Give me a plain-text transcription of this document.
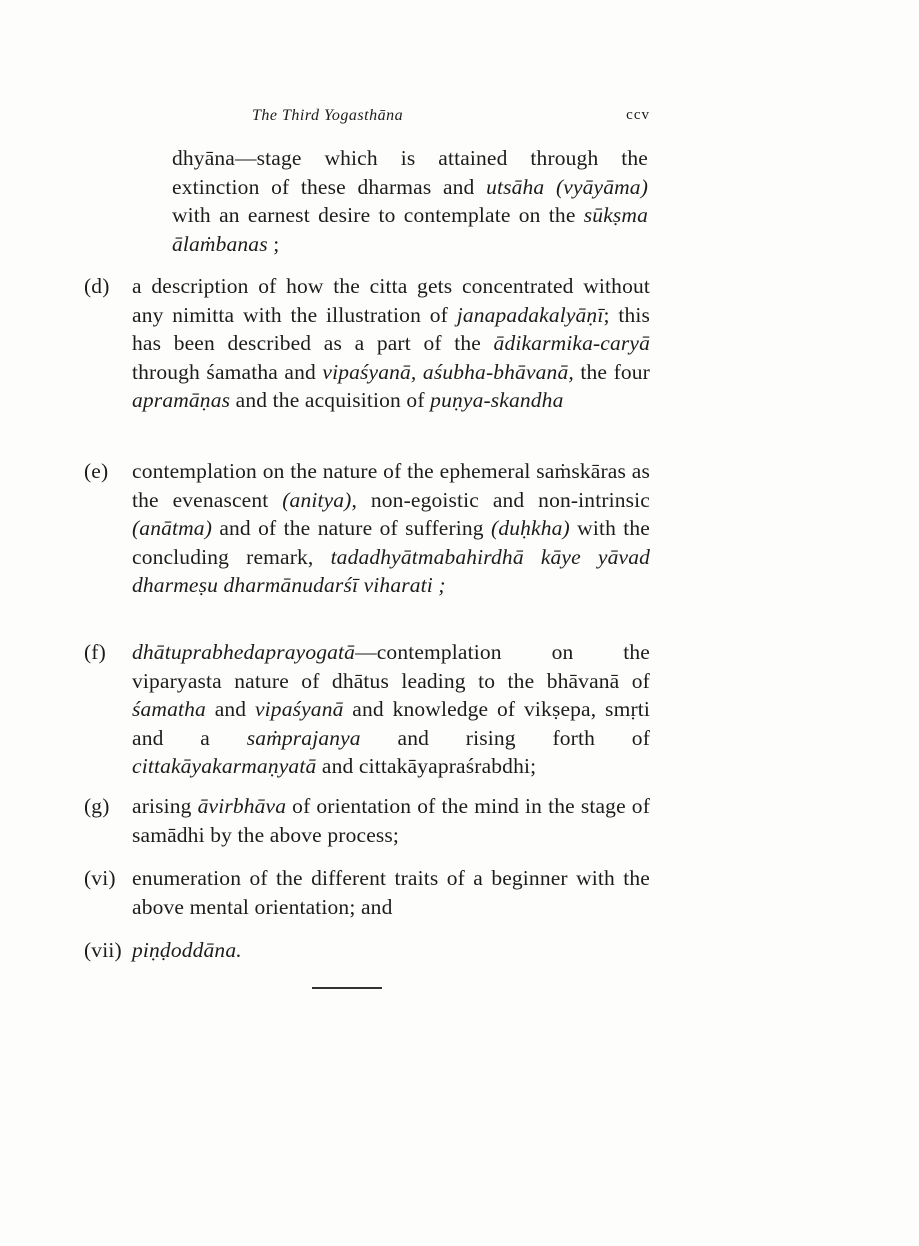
The Third Yogasthāna	ccv

dhyāna—stage which is attained through the extinction of these dharmas and utsāha (vyāyāma) with an earnest desire to contemplate on the sūkṣma ālaṁbanas ;

(d) a description of how the citta gets concentrated without any nimitta with the illustration of janapadakalyāṇī; this has been described as a part of the ādikarmika-caryā through śamatha and vipaśyanā, aśubha-bhāvanā, the four apramāṇas and the acquisition of puṇya-skandha

(e) contemplation on the nature of the ephemeral saṁskāras as the evenascent (anitya), non-egoistic and non-intrinsic (anātma) and of the nature of suffering (duḥkha) with the concluding remark, tadadhyātmabahirdhā kāye yāvad dharmeṣu dharmānudarśī viharati ;

(f) dhātuprabhedaprayogatā—contemplation on the viparyasta nature of dhātus leading to the bhāvanā of śamatha and vipaśyanā and knowledge of vikṣepa, smṛti and a saṁprajanya and rising forth of cittakāyakarmaṇyatā and cittakāyapraśrabdhi;

(g) arising āvirbhāva of orientation of the mind in the stage of samādhi by the above process;

(vi) enumeration of the different traits of a beginner with the above mental orientation; and

(vii) piṇḍoddāna.
